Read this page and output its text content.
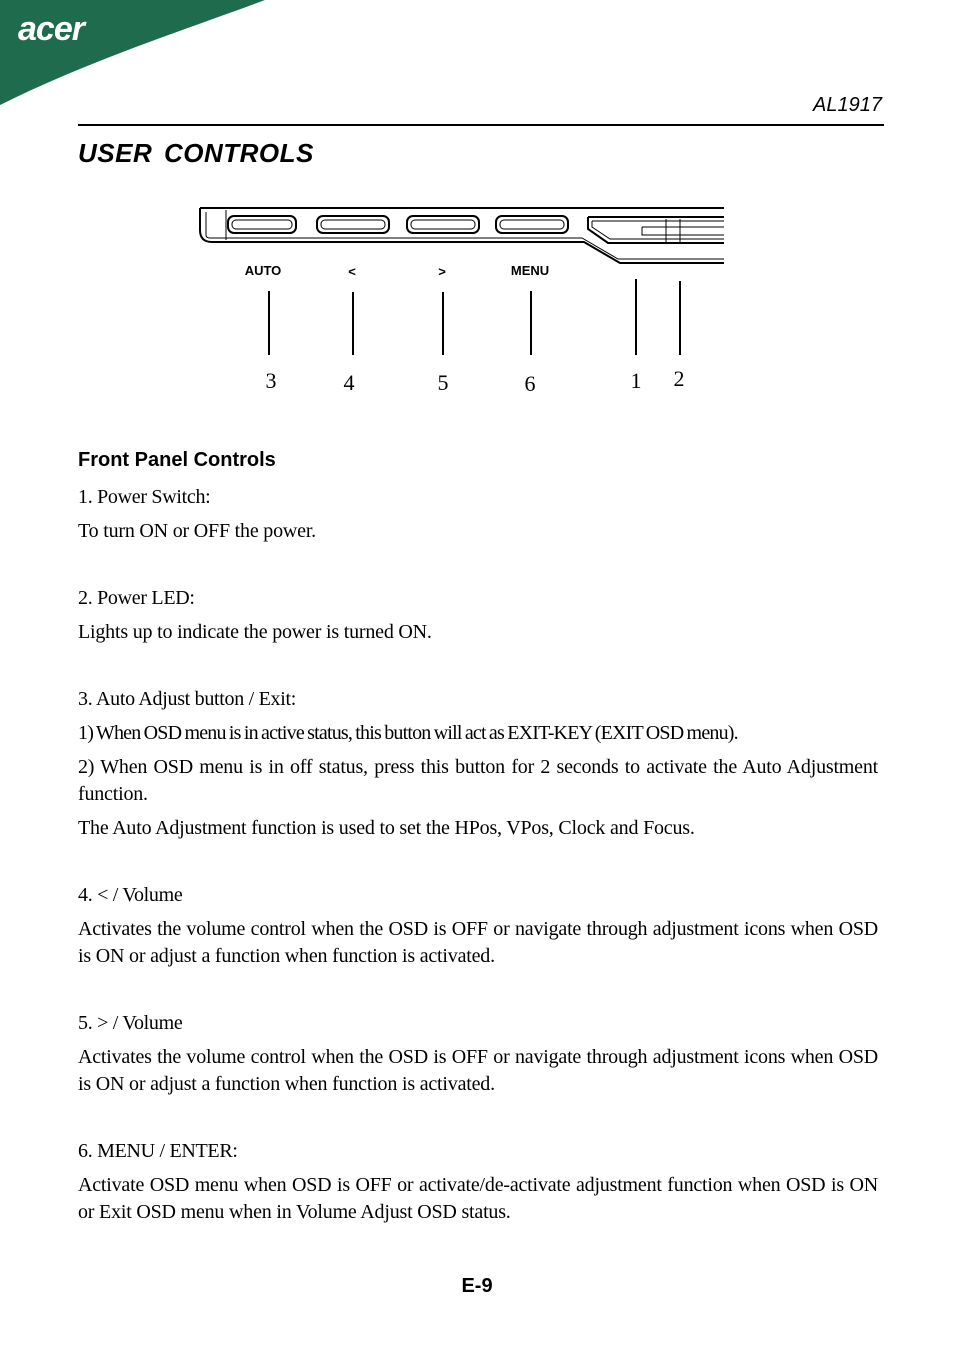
acer
AL1917
USER CONTROLS
AUTO	<	>	MENU
3	4	5	6	1 2
Front Panel Controls
1. Power Switch:
To turn ON or OFF the power.
2. Power LED:
Lights up to indicate the power is turned ON.
3. Auto Adjust button / Exit:
1) When OSD menu is in active status, this button will act as EXIT-KEY (EXIT OSD menu).
2) When OSD menu is in off status, press this button for 2 seconds to activate the Auto Adjustment function.
The Auto Adjustment function is used to set the HPos, VPos, Clock and Focus.
4. < / Volume
Activates the volume control when the OSD is OFF or navigate through adjustment icons when OSD is ON or adjust a function when function is activated.
5. > / Volume
Activates the volume control when the OSD is OFF or navigate through adjustment icons when OSD is ON or adjust a function when function is activated.
6. MENU / ENTER:
Activate OSD menu when OSD is OFF or activate/de-activate adjustment function when OSD is ON or Exit OSD menu when in Volume Adjust OSD status.
E-9
